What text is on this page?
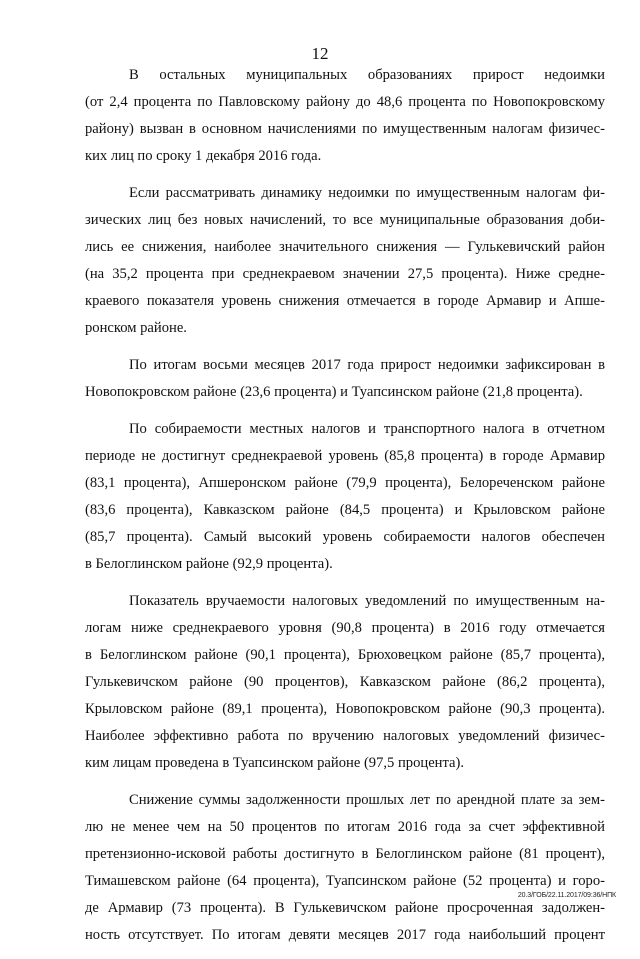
12
В остальных муниципальных образованиях прирост недоимки
(от 2,4 процента по Павловскому району до 48,6 процента по Новопокровскому
району) вызван в основном начислениями по имущественным налогам физичес-
ких лиц по сроку 1 декабря 2016 года.
Если рассматривать динамику недоимки по имущественным налогам фи-
зических лиц без новых начислений, то все муниципальные образования доби-
лись ее снижения, наиболее значительного снижения — Гулькевичский район
(на 35,2 процента при среднекраевом значении 27,5 процента). Ниже средне-
краевого показателя уровень снижения отмечается в городе Армавир и Апше-
ронском районе.
По итогам восьми месяцев 2017 года прирост недоимки зафиксирован в
Новопокровском районе (23,6 процента) и Туапсинском районе (21,8 процента).
По собираемости местных налогов и транспортного налога в отчетном
периоде не достигнут среднекраевой уровень (85,8 процента) в городе Армавир
(83,1 процента), Апшеронском районе (79,9 процента), Белореченском районе
(83,6 процента), Кавказском районе (84,5 процента) и Крыловском районе
(85,7 процента). Самый высокий уровень собираемости налогов обеспечен
в Белоглинском районе (92,9 процента).
Показатель вручаемости налоговых уведомлений по имущественным на-
логам ниже среднекраевого уровня (90,8 процента) в 2016 году отмечается
в Белоглинском районе (90,1 процента), Брюховецком районе (85,7 процента),
Гулькевичском районе (90 процентов), Кавказском районе (86,2 процента),
Крыловском районе (89,1 процента), Новопокровском районе (90,3 процента).
Наиболее эффективно работа по вручению налоговых уведомлений физичес-
ким лицам проведена в Туапсинском районе (97,5 процента).
Снижение суммы задолженности прошлых лет по арендной плате за зем-
лю не менее чем на 50 процентов по итогам 2016 года за счет эффективной
претензионно-исковой работы достигнуто в Белоглинском районе (81 процент),
Тимашевском районе (64 процента), Туапсинском районе (52 процента) и горо-
де Армавир (73 процента). В Гулькевичском районе просроченная задолжен-
ность отсутствует. По итогам девяти месяцев 2017 года наибольший процент
20.3/ГОБ/22.11.2017/09:36/НПК
